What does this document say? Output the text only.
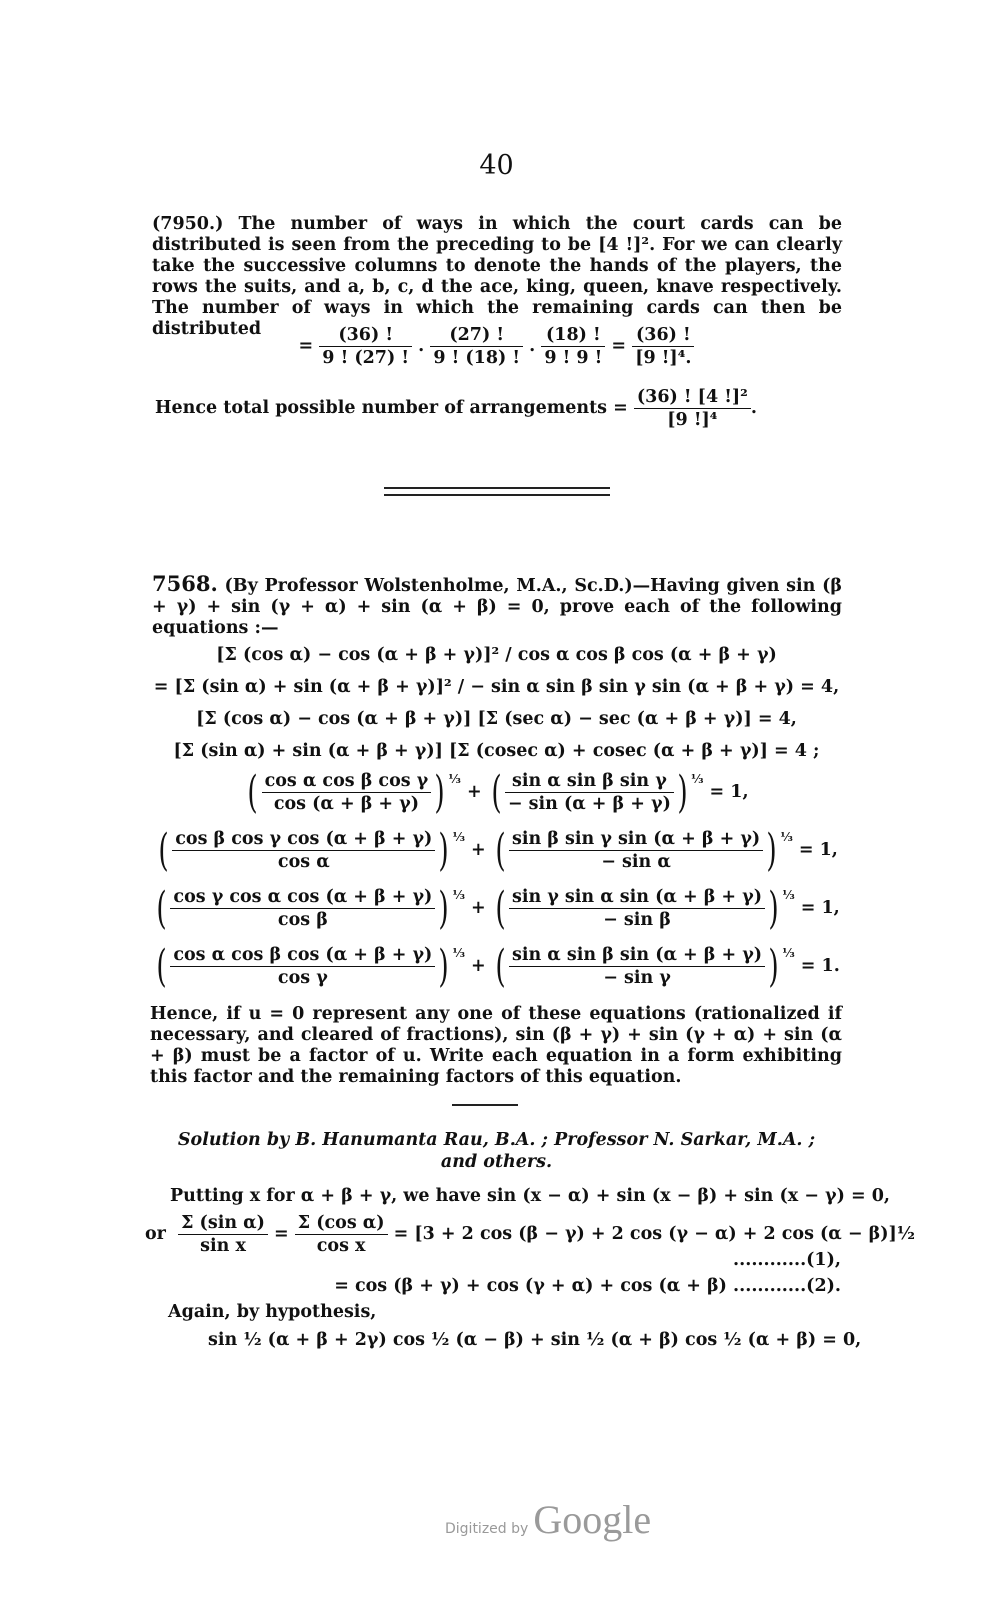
40

(7950.) The number of ways in which the court cards can be distributed is seen from the preceding to be [4 !]². For we can clearly take the successive columns to denote the hands of the players, the rows the suits, and a, b, c, d the ace, king, queen, knave respectively. The number of ways in which the remaining cards can then be distributed

= $\frac{(36) !}{9 ! (27) !}$ . $\frac{(27) !}{9 ! (18) !}$ . $\frac{(18) !}{9 ! 9 !} = \frac{(36) !}{\text{[9 !]⁴.}}$
Hence total possible number of arrangements = $\frac{\text{(36) ! [4 !]²}}{\text{[9 !]⁴}}$ .

7568. (By Professor Wolstenholme, M.A., Sc.D.)—Having given sin (β + γ) + sin (γ + α) + sin (α + β) = 0, prove each of the following equations :—

[Σ (cos α) − cos (α + β + γ)]² / cos α cos β cos (α + β + γ)
= [Σ (sin α) + sin (α + β + γ)]² / − sin α sin β sin γ sin (α + β + γ) = 4,
[Σ (cos α) − cos (α + β + γ)] [Σ (sec α) − sec (α + β + γ)] = 4,
[Σ (sin α) + sin (α + β + γ)] [Σ (cosec α) + cosec (α + β + γ)] = 4 ;
( $\frac{\text{cos α cos β cos γ}}{\cos (\alpha + \beta + \gamma)}$ ) $^{\frac{1}{3}}$ + ( $\frac{\text{sin α sin β sin γ}}{- \sin (\alpha + \beta + \gamma)}$ ) $^{\frac{1}{3}}$ = 1,
( $\frac{\text{cos β cos γ cos (α + β + γ)}}{\text{cos α}}$ ) $^{\frac{1}{3}}$ + ( $\frac{\text{sin β sin γ sin (α + β + γ)}}{\text{− sin α}}$ ) $^{\frac{1}{3}}$ = 1,
( $\frac{\text{cos γ cos α cos (α + β + γ)}}{\text{cos β}}$ ) $^{\frac{1}{3}}$ + ( $\frac{\text{sin γ sin α sin (α + β + γ)}}{\text{− sin β}}$ ) $^{\frac{1}{3}}$ = 1,
( $\frac{\text{cos α cos β cos (α + β + γ)}}{\text{cos γ}}$ ) $^{\frac{1}{3}}$ + ( $\frac{\text{sin α sin β sin (α + β + γ)}}{\text{− sin γ}}$ ) $^{\frac{1}{3}}$ = 1.

Hence, if u = 0 represent any one of these equations (rationalized if necessary, and cleared of fractions), sin (β + γ) + sin (γ + α) + sin (α + β) must be a factor of u. Write each equation in a form exhibiting this factor and the remaining factors of this equation.

Solution by B. Hanumanta Rau, B.A. ; Professor N. Sarkar, M.A. ;
and others.
Putting x for α + β + γ, we have sin (x − α) + sin (x − β) + sin (x − γ) = 0,
or $\frac{\text{Σ (sin α)}}{\text{sin x}} = \frac{\text{Σ (cos α)}}{\text{cos x}} = [3 + 2$ cos (β − γ) + 2 cos (γ − α) + 2 cos (α − β)]½
............(1),
= cos (β + γ) + cos (γ + α) + cos (α + β) ............(2).
Again, by hypothesis,
sin ½ (α + β + 2γ) cos ½ (α − β) + sin ½ (α + β) cos ½ (α + β) = 0,
Digitized by Google
